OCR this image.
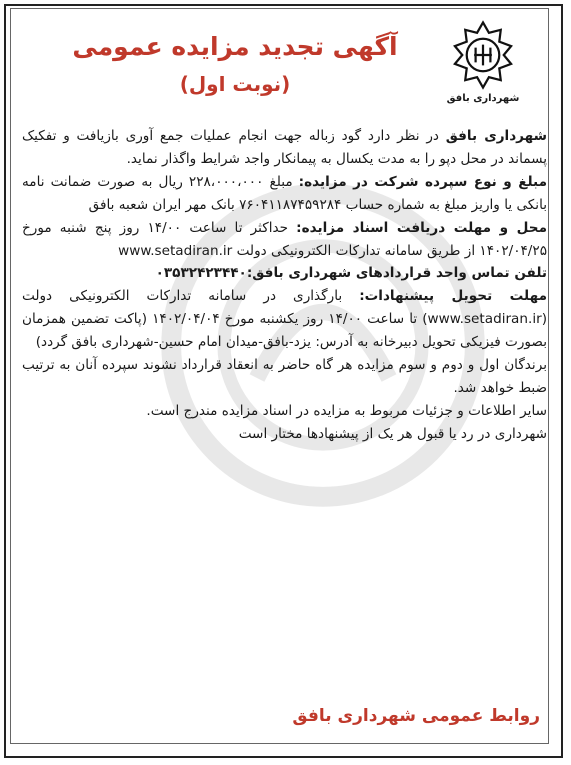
شهرداری بافق
آگهی تجدید مزایده عمومی
(نوبت اول)

شهرداری بافق در نظر دارد گود زباله جهت انجام عملیات جمع آوری بازیافت و تفکیک پسماند در محل دپو را به مدت یکسال به پیمانکار واجد شرایط واگذار نماید.

مبلغ و نوع سپرده شرکت در مزایده: مبلغ ۲۲۸،۰۰۰،۰۰۰ ریال به صورت ضمانت نامه بانکی یا واریز مبلغ به شماره حساب ۷۶۰۴۱۱۸۷۴۵۹۲۸۴ بانک مهر ایران شعبه بافق

محل و مهلت دریافت اسناد مزایده: حداکثر تا ساعت ۱۴/۰۰ روز پنج شنبه مورخ ۱۴۰۲/۰۴/۲۵ از طریق سامانه تدارکات الکترونیکی دولت www.setadiran.ir

تلفن تماس واحد قراردادهای شهرداری بافق:۰۳۵۳۲۴۲۳۴۴۰

مهلت تحویل پیشنهادات: بارگذاری در سامانه تدارکات الکترونیکی دولت (www.setadiran.ir) تا ساعت ۱۴/۰۰ روز یکشنبه مورخ ۱۴۰۲/۰۴/۰۴ (پاکت تضمین همزمان بصورت فیزیکی تحویل دبیرخانه به آدرس: یزد-بافق-میدان امام حسین-شهرداری بافق گردد)

برندگان اول و دوم و سوم مزایده هر گاه حاضر به انعقاد قرارداد نشوند سپرده آنان به ترتیب ضبط خواهد شد.

سایر اطلاعات و جزئیات مربوط به مزایده در اسناد مزایده مندرج است.

شهرداری در رد یا قبول هر یک از پیشنهادها مختار است

روابط عمومی شهرداری بافق
